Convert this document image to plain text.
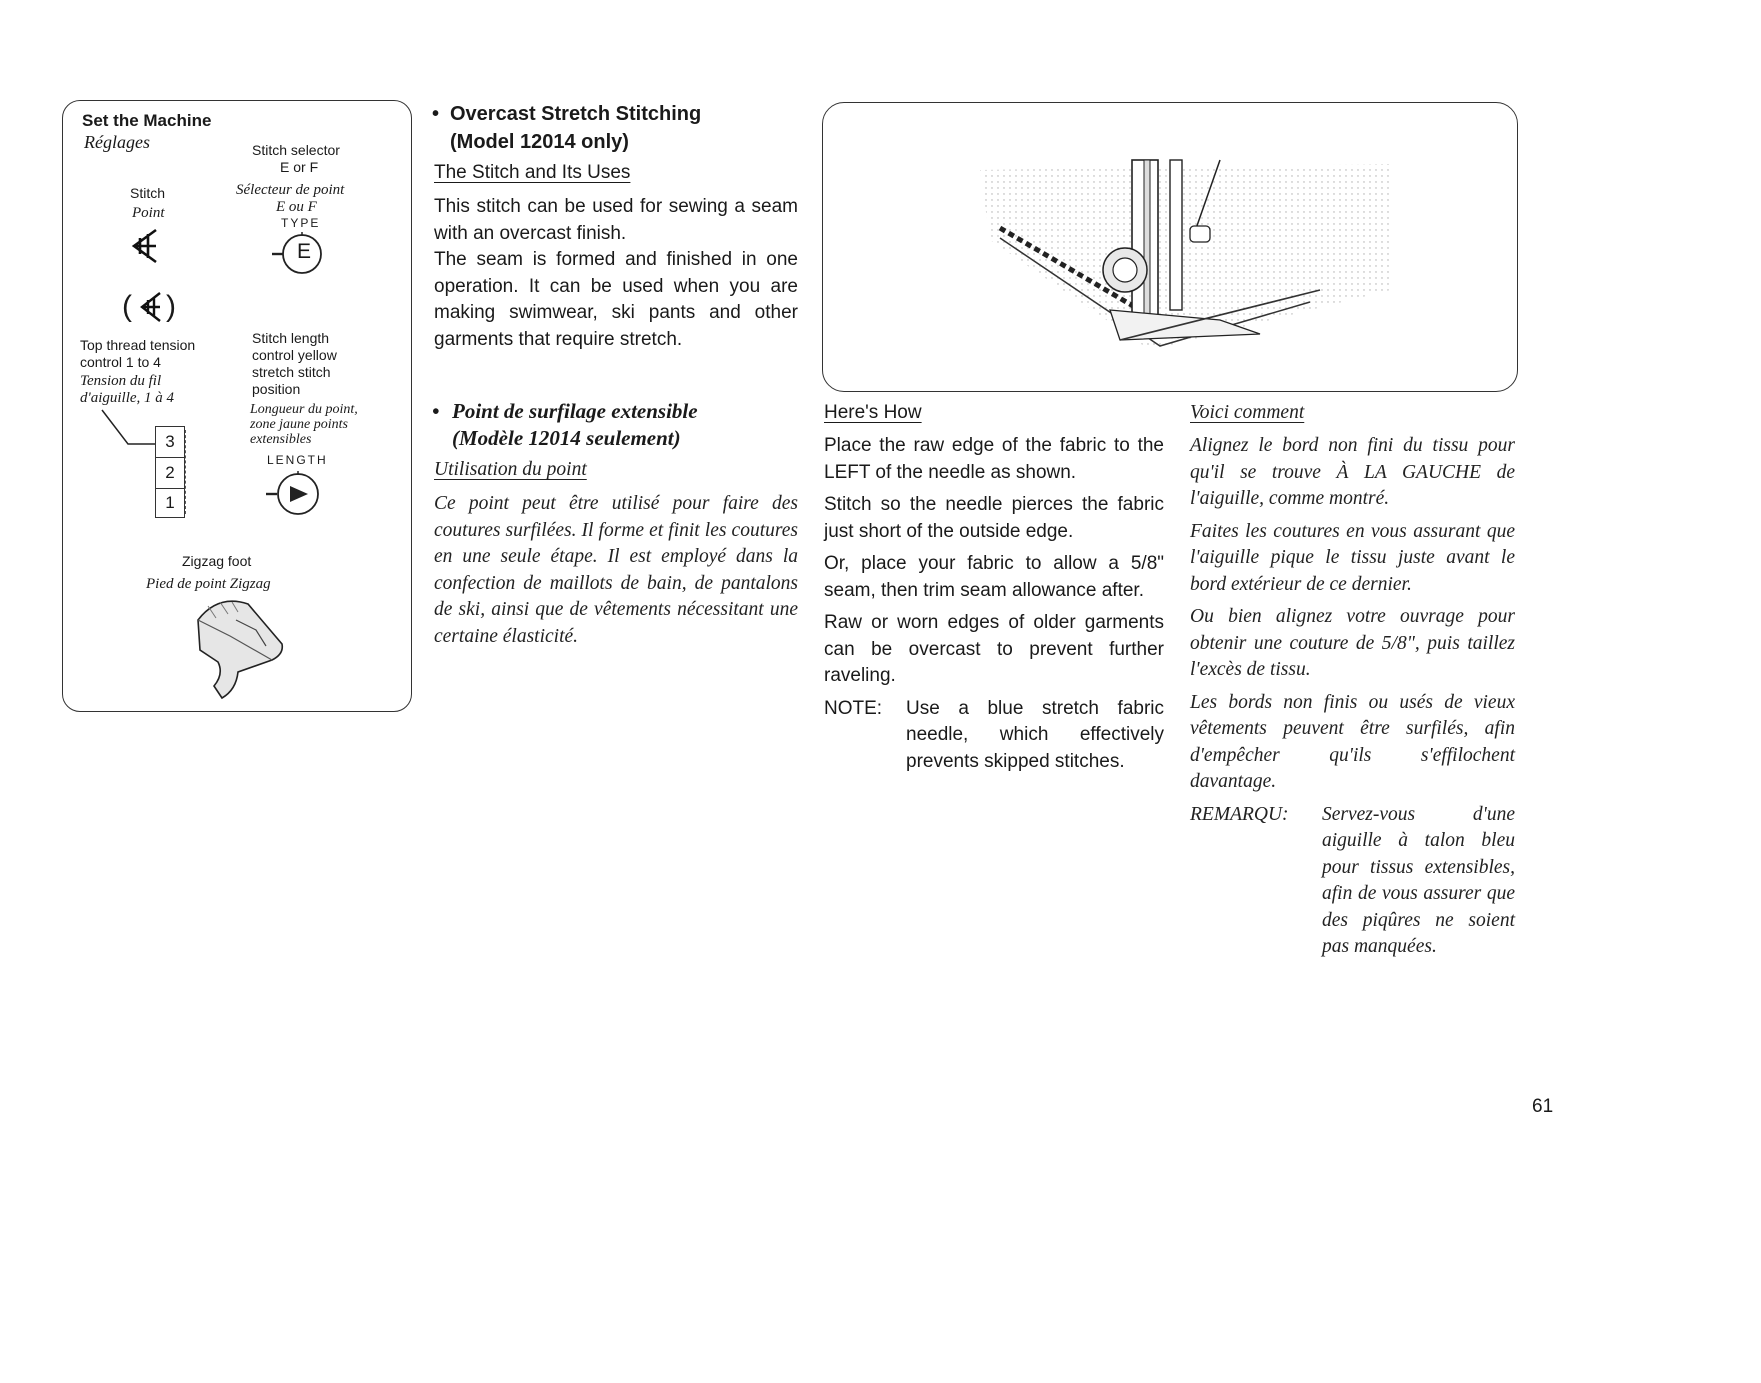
Set the Machine
Réglages
Stitch
Point
( )
Stitch selector
E or F
Sélecteur de point
E ou F
TYPE
E
Top thread tension control 1 to 4
Tension du fil d'aiguille, 1 à 4
3
2
1
Stitch length control yellow stretch stitch position
Longueur du point, zone jaune points extensibles
LENGTH
Zigzag foot
Pied de point Zigzag
• Overcast Stretch Stitching
(Model 12014 only)
The Stitch and Its Uses

This stitch can be used for sewing a seam with an overcast finish.

The seam is formed and finished in one operation. It can be used when you are making swimwear, ski pants and other garments that require stretch.

• Point de surfilage extensible
(Modèle 12014 seulement)
Utilisation du point
Ce point peut être utilisé pour faire des coutures surfilées. Il forme et finit les coutures en une seule étape. Il est employé dans la confection de maillots de bain, de pantalons de ski, ainsi que de vêtements nécessitant une certaine élasticité.
Here's How

Place the raw edge of the fabric to the LEFT of the needle as shown.

Stitch so the needle pierces the fabric just short of the outside edge.

Or, place your fabric to allow a 5/8" seam, then trim seam allowance after.

Raw or worn edges of older garments can be overcast to prevent further raveling.

NOTE:	Use a blue stretch fabric needle, which effectively prevents skipped stitches.
Voici comment

Alignez le bord non fini du tissu pour qu'il se trouve À LA GAUCHE de l'aiguille, comme montré.

Faites les coutures en vous assurant que l'aiguille pique le tissu juste avant le bord extérieur de ce dernier.

Ou bien alignez votre ouvrage pour obtenir une couture de 5/8", puis taillez l'excès de tissu.

Les bords non finis ou usés de vieux vêtements peuvent être surfilés, afin d'empêcher qu'ils s'effilochent davantage.

REMARQU:	Servez-vous d'une aiguille à talon bleu pour tissus extensibles, afin de vous assurer que des piqûres ne soient pas manquées.
61
